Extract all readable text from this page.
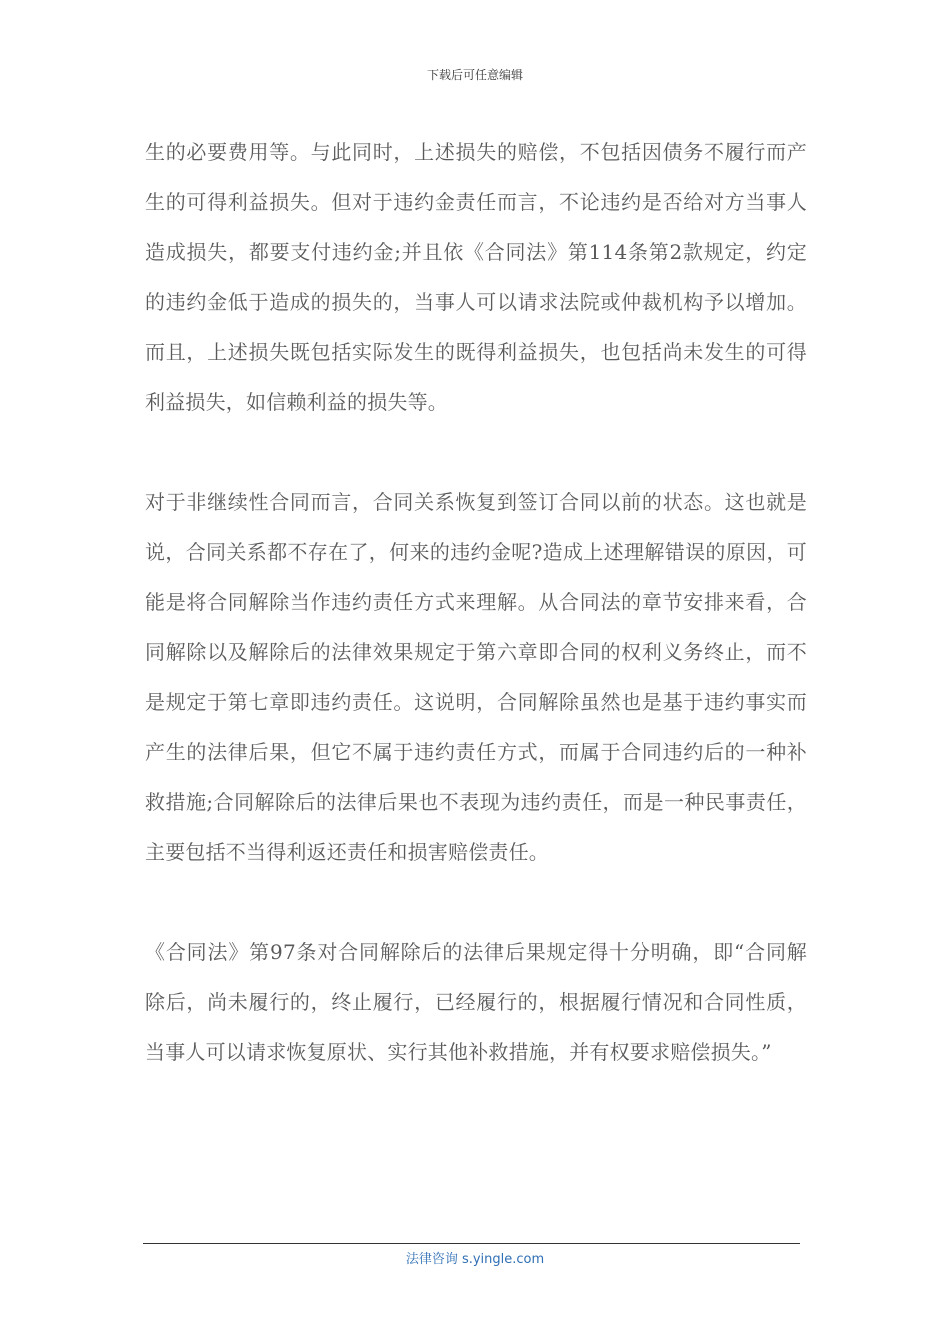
下载后可任意编辑

生的必要费用等。与此同时，上述损失的赔偿，不包括因债务不履行而产生的可得利益损失。但对于违约金责任而言，不论违约是否给对方当事人造成损失，都要支付违约金;并且依《合同法》第114条第2款规定，约定的违约金低于造成的损失的，当事人可以请求法院或仲裁机构予以增加。而且，上述损失既包括实际发生的既得利益损失，也包括尚未发生的可得利益损失，如信赖利益的损失等。

对于非继续性合同而言，合同关系恢复到签订合同以前的状态。这也就是说，合同关系都不存在了，何来的违约金呢?造成上述理解错误的原因，可能是将合同解除当作违约责任方式来理解。从合同法的章节安排来看，合同解除以及解除后的法律效果规定于第六章即合同的权利义务终止，而不是规定于第七章即违约责任。这说明，合同解除虽然也是基于违约事实而产生的法律后果，但它不属于违约责任方式，而属于合同违约后的一种补救措施;合同解除后的法律后果也不表现为违约责任，而是一种民事责任，主要包括不当得利返还责任和损害赔偿责任。

《合同法》第97条对合同解除后的法律后果规定得十分明确，即“合同解除后，尚未履行的，终止履行，已经履行的，根据履行情况和合同性质，当事人可以请求恢复原状、实行其他补救措施，并有权要求赔偿损失。”

法律咨询 s.yingle.com
